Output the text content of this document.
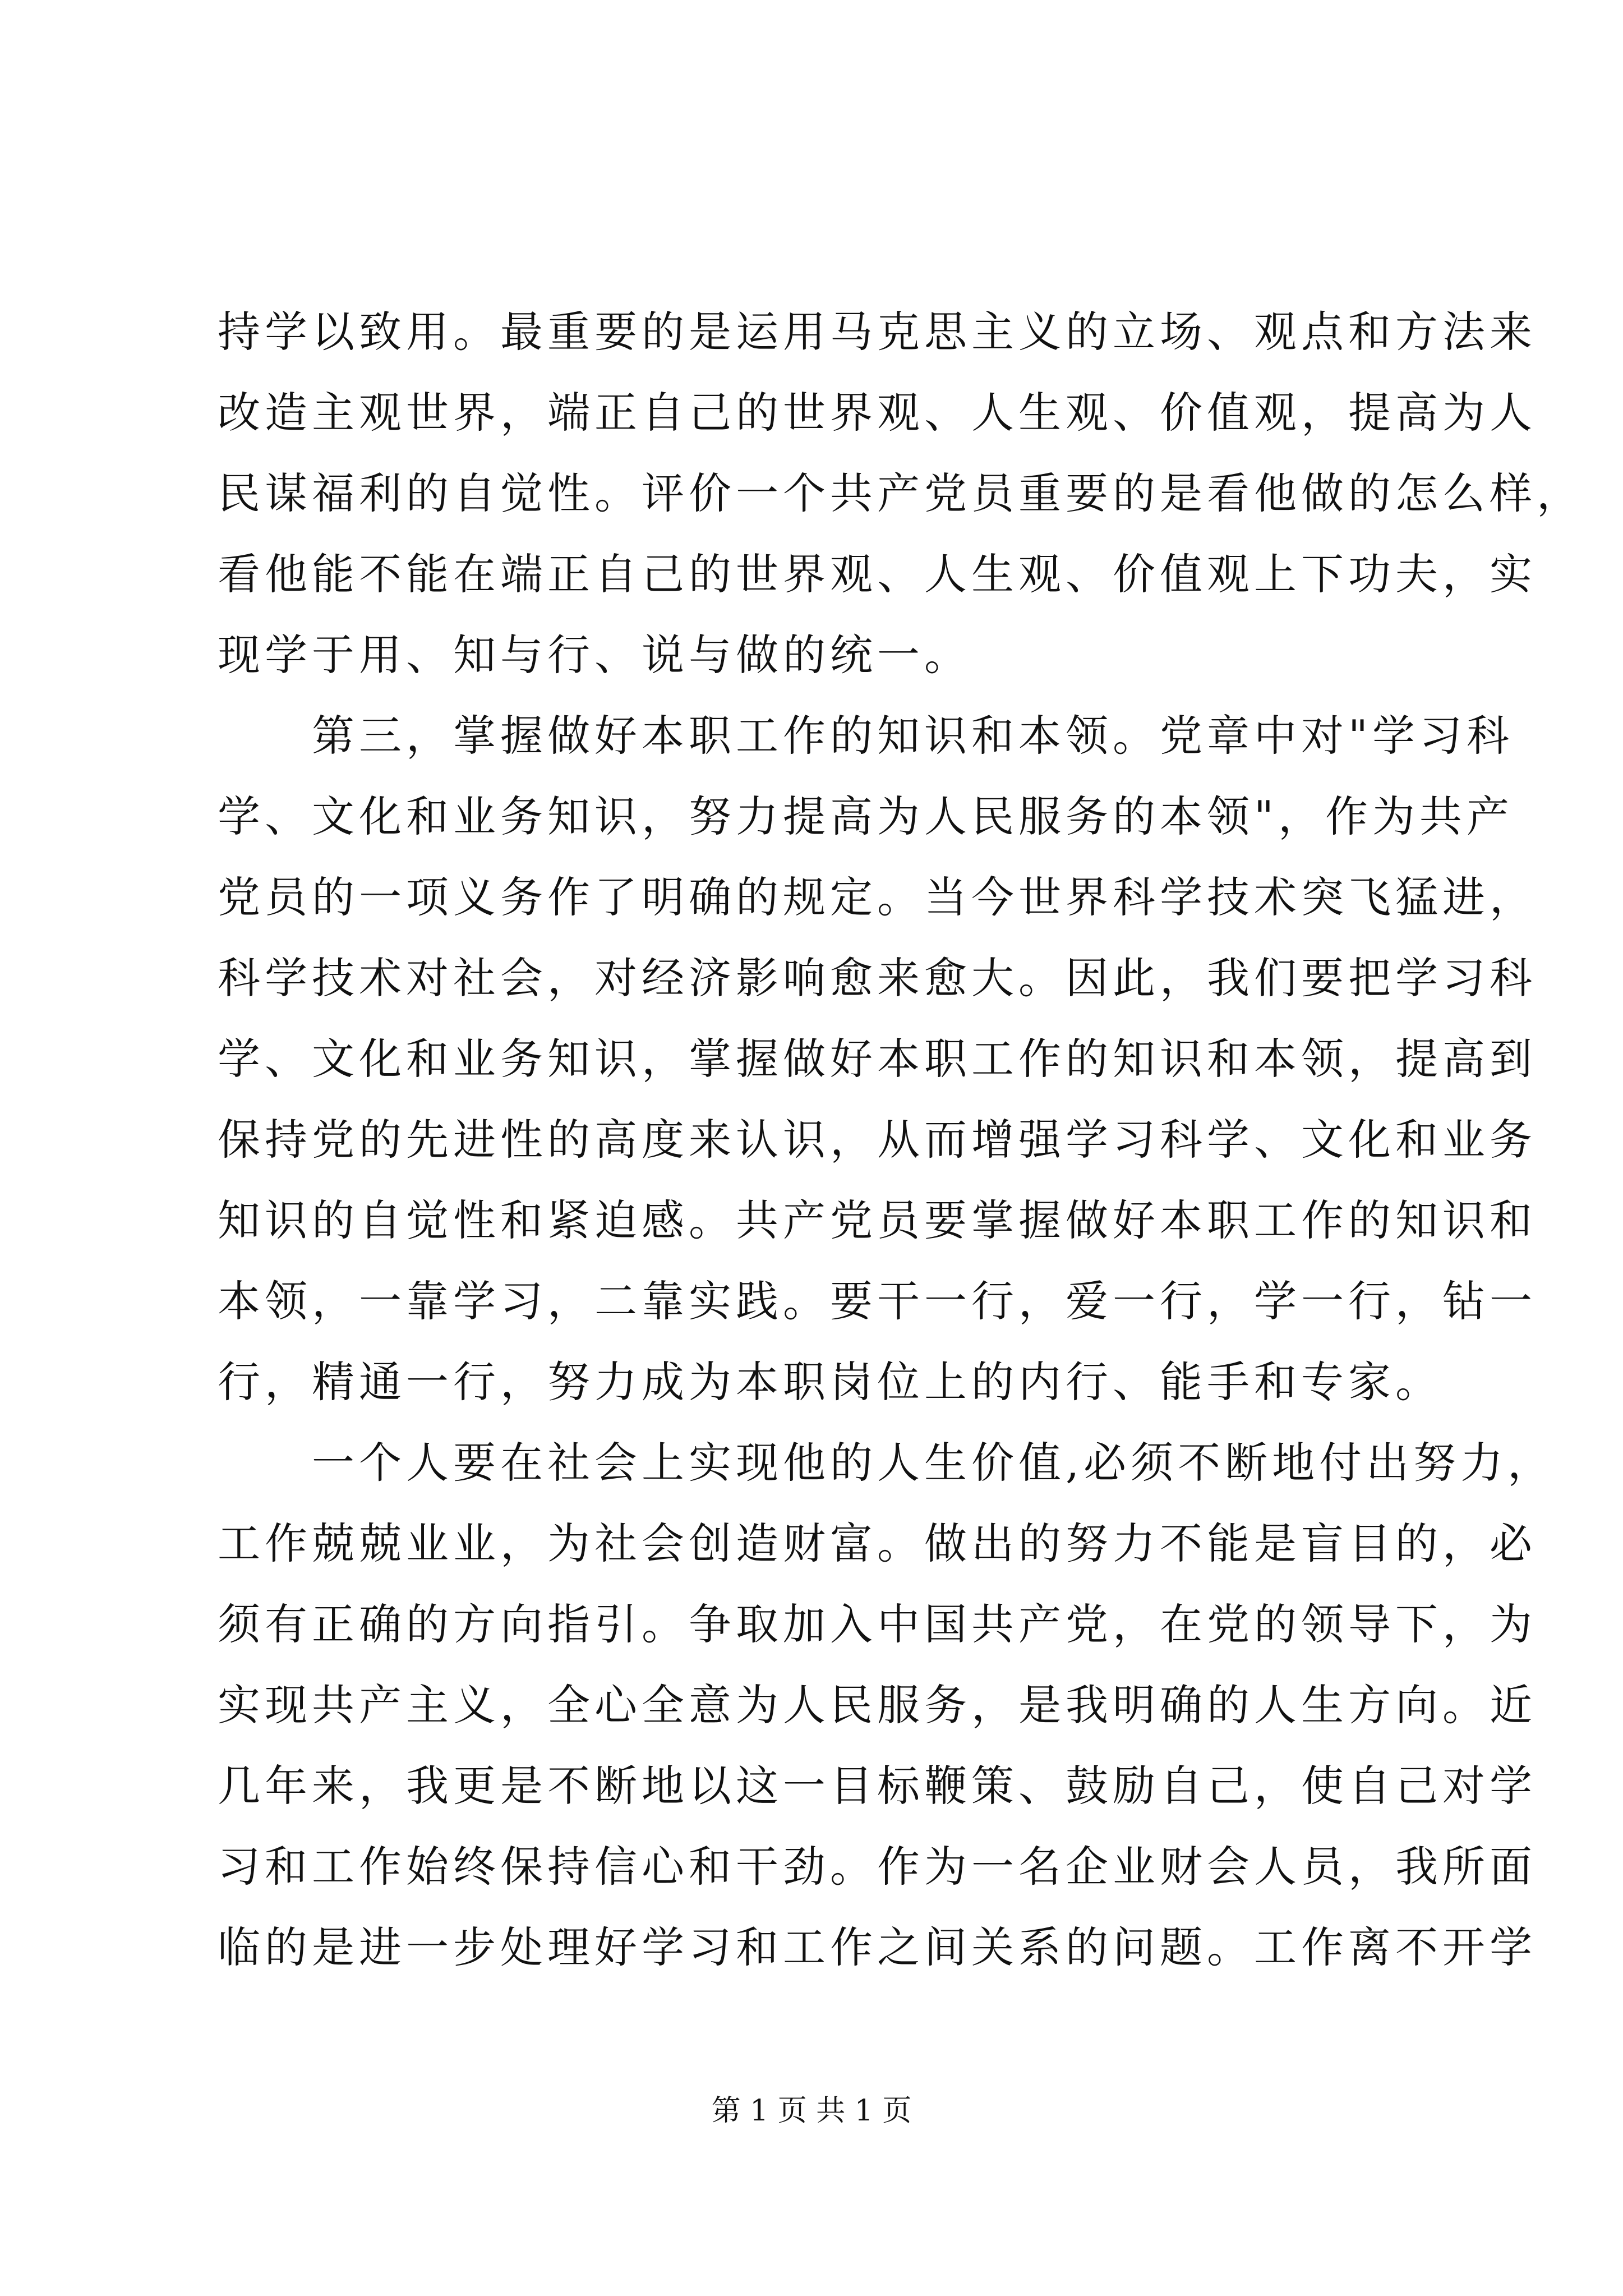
持学以致用。最重要的是运用马克思主义的立场、观点和方法来
改造主观世界，端正自己的世界观、人生观、价值观，提高为人
民谋福利的自觉性。评价一个共产党员重要的是看他做的怎么样，
看他能不能在端正自己的世界观、人生观、价值观上下功夫，实
现学于用、知与行、说与做的统一。
第三，掌握做好本职工作的知识和本领。党章中对"学习科
学、文化和业务知识，努力提高为人民服务的本领"，作为共产
党员的一项义务作了明确的规定。当今世界科学技术突飞猛进，
科学技术对社会，对经济影响愈来愈大。因此，我们要把学习科
学、文化和业务知识，掌握做好本职工作的知识和本领，提高到
保持党的先进性的高度来认识，从而增强学习科学、文化和业务
知识的自觉性和紧迫感。共产党员要掌握做好本职工作的知识和
本领，一靠学习，二靠实践。要干一行，爱一行，学一行，钻一
行，精通一行，努力成为本职岗位上的内行、能手和专家。
一个人要在社会上实现他的人生价值,必须不断地付出努力，
工作兢兢业业，为社会创造财富。做出的努力不能是盲目的，必
须有正确的方向指引。争取加入中国共产党，在党的领导下，为
实现共产主义，全心全意为人民服务，是我明确的人生方向。近
几年来，我更是不断地以这一目标鞭策、鼓励自己，使自己对学
习和工作始终保持信心和干劲。作为一名企业财会人员，我所面
临的是进一步处理好学习和工作之间关系的问题。工作离不开学
第 1 页 共 1 页
